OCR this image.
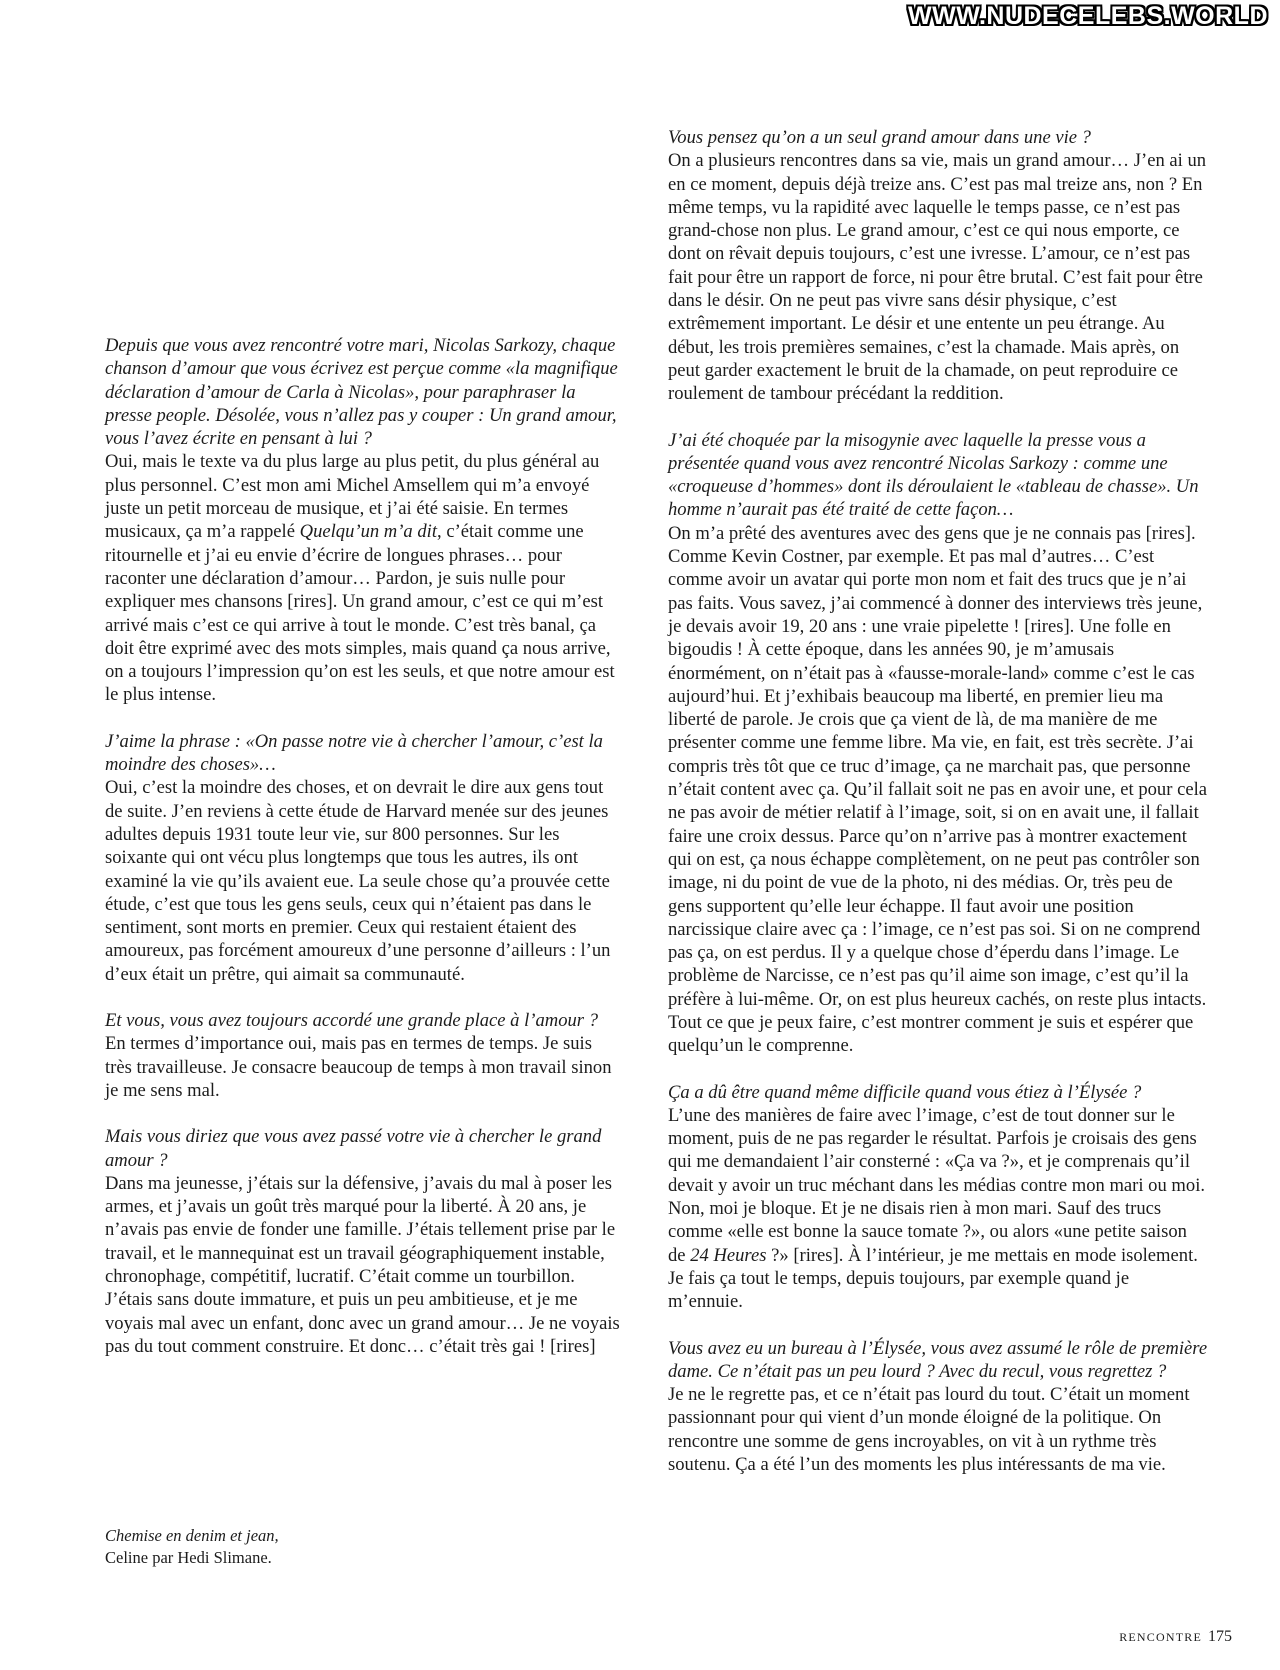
WWW.NUDECELEBS.WORLD

Depuis que vous avez rencontré votre mari, Nicolas Sarkozy, chaque chanson d’amour que vous écrivez est perçue comme «la magnifique déclaration d’amour de Carla à Nicolas», pour paraphraser la presse people. Désolée, vous n’allez pas y couper : Un grand amour, vous l’avez écrite en pensant à lui ?

Oui, mais le texte va du plus large au plus petit, du plus général au plus personnel. C’est mon ami Michel Amsellem qui m’a envoyé juste un petit morceau de musique, et j’ai été saisie. En termes musicaux, ça m’a rappelé Quelqu’un m’a dit, c’était comme une ritournelle et j’ai eu envie d’écrire de longues phrases… pour raconter une déclaration d’amour… Pardon, je suis nulle pour expliquer mes chansons [rires]. Un grand amour, c’est ce qui m’est arrivé mais c’est ce qui arrive à tout le monde. C’est très banal, ça doit être exprimé avec des mots simples, mais quand ça nous arrive, on a toujours l’impression qu’on est les seuls, et que notre amour est le plus intense.

J’aime la phrase : «On passe notre vie à chercher l’amour, c’est la moindre des choses»…

Oui, c’est la moindre des choses, et on devrait le dire aux gens tout de suite. J’en reviens à cette étude de Harvard menée sur des jeunes adultes depuis 1931 toute leur vie, sur 800 personnes. Sur les soixante qui ont vécu plus longtemps que tous les autres, ils ont examiné la vie qu’ils avaient eue. La seule chose qu’a prouvée cette étude, c’est que tous les gens seuls, ceux qui n’étaient pas dans le sentiment, sont morts en premier. Ceux qui restaient étaient des amoureux, pas forcément amoureux d’une personne d’ailleurs : l’un d’eux était un prêtre, qui aimait sa communauté.

Et vous, vous avez toujours accordé une grande place à l’amour ?

En termes d’importance oui, mais pas en termes de temps. Je suis très travailleuse. Je consacre beaucoup de temps à mon travail sinon je me sens mal.

Mais vous diriez que vous avez passé votre vie à chercher le grand amour ?

Dans ma jeunesse, j’étais sur la défensive, j’avais du mal à poser les armes, et j’avais un goût très marqué pour la liberté. À 20 ans, je n’avais pas envie de fonder une famille. J’étais tellement prise par le travail, et le mannequinat est un travail géographiquement instable, chronophage, compétitif, lucratif. C’était comme un tourbillon. J’étais sans doute immature, et puis un peu ambitieuse, et je me voyais mal avec un enfant, donc avec un grand amour… Je ne voyais pas du tout comment construire. Et donc… c’était très gai ! [rires]

Vous pensez qu’on a un seul grand amour dans une vie ?

On a plusieurs rencontres dans sa vie, mais un grand amour… J’en ai un en ce moment, depuis déjà treize ans. C’est pas mal treize ans, non ? En même temps, vu la rapidité avec laquelle le temps passe, ce n’est pas grand-chose non plus. Le grand amour, c’est ce qui nous emporte, ce dont on rêvait depuis toujours, c’est une ivresse. L’amour, ce n’est pas fait pour être un rapport de force, ni pour être brutal. C’est fait pour être dans le désir. On ne peut pas vivre sans désir physique, c’est extrêmement important. Le désir et une entente un peu étrange. Au début, les trois premières semaines, c’est la chamade. Mais après, on peut garder exactement le bruit de la chamade, on peut reproduire ce roulement de tambour précédant la reddition.

J’ai été choquée par la misogynie avec laquelle la presse vous a présentée quand vous avez rencontré Nicolas Sarkozy : comme une «croqueuse d’hommes» dont ils déroulaient le «tableau de chasse». Un homme n’aurait pas été traité de cette façon…

On m’a prêté des aventures avec des gens que je ne connais pas [rires]. Comme Kevin Costner, par exemple. Et pas mal d’autres… C’est comme avoir un avatar qui porte mon nom et fait des trucs que je n’ai pas faits. Vous savez, j’ai commencé à donner des interviews très jeune, je devais avoir 19, 20 ans : une vraie pipelette ! [rires]. Une folle en bigoudis ! À cette époque, dans les années 90, je m’amusais énormément, on n’était pas à «fausse-morale-land» comme c’est le cas aujourd’hui. Et j’exhibais beaucoup ma liberté, en premier lieu ma liberté de parole. Je crois que ça vient de là, de ma manière de me présenter comme une femme libre. Ma vie, en fait, est très secrète. J’ai compris très tôt que ce truc d’image, ça ne marchait pas, que personne n’était content avec ça. Qu’il fallait soit ne pas en avoir une, et pour cela ne pas avoir de métier relatif à l’image, soit, si on en avait une, il fallait faire une croix dessus. Parce qu’on n’arrive pas à montrer exactement qui on est, ça nous échappe complètement, on ne peut pas contrôler son image, ni du point de vue de la photo, ni des médias. Or, très peu de gens supportent qu’elle leur échappe. Il faut avoir une position narcissique claire avec ça : l’image, ce n’est pas soi. Si on ne comprend pas ça, on est perdus. Il y a quelque chose d’éperdu dans l’image. Le problème de Narcisse, ce n’est pas qu’il aime son image, c’est qu’il la préfère à lui-même. Or, on est plus heureux cachés, on reste plus intacts. Tout ce que je peux faire, c’est montrer comment je suis et espérer que quelqu’un le comprenne.

Ça a dû être quand même difficile quand vous étiez à l’Élysée ?

L’une des manières de faire avec l’image, c’est de tout donner sur le moment, puis de ne pas regarder le résultat. Parfois je croisais des gens qui me demandaient l’air consterné : «Ça va ?», et je comprenais qu’il devait y avoir un truc méchant dans les médias contre mon mari ou moi. Non, moi je bloque. Et je ne disais rien à mon mari. Sauf des trucs comme «elle est bonne la sauce tomate ?», ou alors «une petite saison de 24 Heures ?» [rires]. À l’intérieur, je me mettais en mode isolement. Je fais ça tout le temps, depuis toujours, par exemple quand je m’ennuie.

Vous avez eu un bureau à l’Élysée, vous avez assumé le rôle de première dame. Ce n’était pas un peu lourd ? Avec du recul, vous regrettez ?

Je ne le regrette pas, et ce n’était pas lourd du tout. C’était un moment passionnant pour qui vient d’un monde éloigné de la politique. On rencontre une somme de gens incroyables, on vit à un rythme très soutenu. Ça a été l’un des moments les plus intéressants de ma vie.

Chemise en denim et jean,
Celine par Hedi Slimane.
RENCONTRE 175
